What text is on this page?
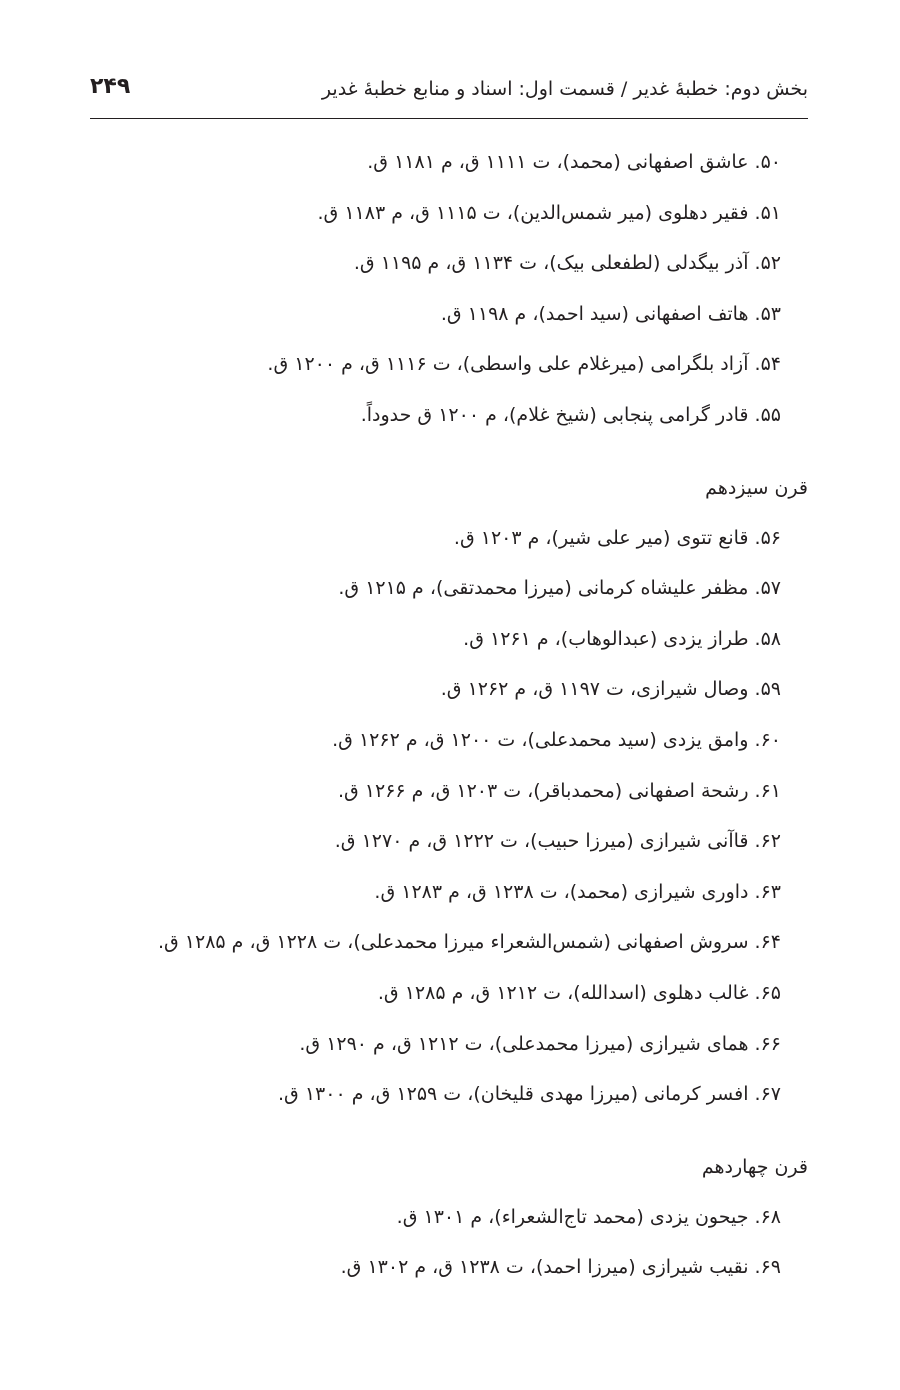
بخش دوم: خطبهٔ غدیر / قسمت اول: اسناد و منابع خطبهٔ غدیر
۲۴۹
۵۰. عاشق اصفهانی (محمد)، ت ۱۱۱۱ ق، م ۱۱۸۱ ق.
۵۱. فقیر دهلوی (میر شمس‌الدین)، ت ۱۱۱۵ ق، م ۱۱۸۳ ق.
۵۲. آذر بیگدلی (لطفعلی بیک)، ت ۱۱۳۴ ق، م ۱۱۹۵ ق.
۵۳. هاتف اصفهانی (سید احمد)، م ۱۱۹۸ ق.
۵۴. آزاد بلگرامی (میرغلام علی واسطی)، ت ۱۱۱۶ ق، م ۱۲۰۰ ق.
۵۵. قادر گرامی پنجابی (شیخ غلام)، م ۱۲۰۰ ق حدوداً.
قرن سیزدهم
۵۶. قانع تتوی (میر علی شیر)، م ۱۲۰۳ ق.
۵۷. مظفر علیشاه کرمانی (میرزا محمدتقی)، م ۱۲۱۵ ق.
۵۸. طراز یزدی (عبدالوهاب)، م ۱۲۶۱ ق.
۵۹. وصال شیرازی، ت ۱۱۹۷ ق، م ۱۲۶۲ ق.
۶۰. وامق یزدی (سید محمدعلی)، ت ۱۲۰۰ ق، م ۱۲۶۲ ق.
۶۱. رشحة اصفهانی (محمدباقر)، ت ۱۲۰۳ ق، م ۱۲۶۶ ق.
۶۲. قاآنی شیرازی (میرزا حبیب)، ت ۱۲۲۲ ق، م ۱۲۷۰ ق.
۶۳. داوری شیرازی (محمد)، ت ۱۲۳۸ ق، م ۱۲۸۳ ق.
۶۴. سروش اصفهانی (شمس‌الشعراء میرزا محمدعلی)، ت ۱۲۲۸ ق، م ۱۲۸۵ ق.
۶۵. غالب دهلوی (اسدالله)، ت ۱۲۱۲ ق، م ۱۲۸۵ ق.
۶۶. همای شیرازی (میرزا محمدعلی)، ت ۱۲۱۲ ق، م ۱۲۹۰ ق.
۶۷. افسر کرمانی (میرزا مهدی قلیخان)، ت ۱۲۵۹ ق، م ۱۳۰۰ ق.
قرن چهاردهم
۶۸. جیحون یزدی (محمد تاج‌الشعراء)، م ۱۳۰۱ ق.
۶۹. نقیب شیرازی (میرزا احمد)، ت ۱۲۳۸ ق، م ۱۳۰۲ ق.
